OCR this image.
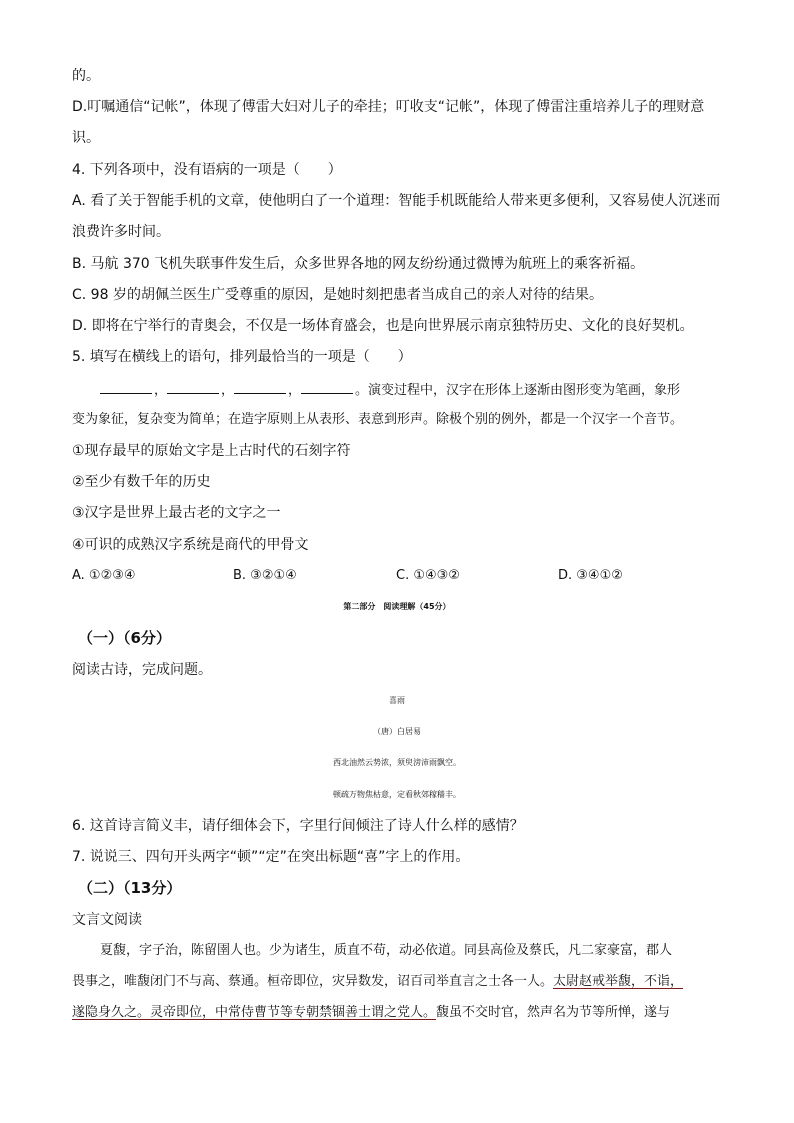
的。
D.叮嘱通信“记帐”，体现了傅雷大妇对儿子的牵挂；叮收支“记帐”，体现了傅雷注重培养儿子的理财意
识。
4. 下列各项中，没有语病的一项是（　　）
A. 看了关于智能手机的文章，使他明白了一个道理：智能手机既能给人带来更多便利，又容易使人沉迷而
浪费许多时间。
B. 马航 370 飞机失联事件发生后，众多世界各地的网友纷纷通过微博为航班上的乘客祈福。
C. 98 岁的胡佩兰医生广受尊重的原因，是她时刻把患者当成自己的亲人对待的结果。
D. 即将在宁举行的青奥会，不仅是一场体育盛会，也是向世界展示南京独特历史、文化的良好契机。
5. 填写在横线上的语句，排列最恰当的一项是（　　）
，	，	，	。演变过程中，汉字在形体上逐渐由图形变为笔画，象形
变为象征，复杂变为简单；在造字原则上从表形、表意到形声。除极个别的例外，都是一个汉字一个音节。
①现存最早的原始文字是上古时代的石刻字符
②至少有数千年的历史
③汉字是世界上最古老的文字之一
④可识的成熟汉字系统是商代的甲骨文
A. ①②③④	B. ③②①④	C. ①④③②	D. ③④①②
第二部分　阅读理解（45分）
（一）（6分）
阅读古诗，完成问题。
喜雨
（唐）白居易
西北油然云势浓，须臾滂沛雨飘空。
顿疏万物焦枯意，定看秋郊稼穑丰。
6. 这首诗言简义丰，请仔细体会下，字里行间倾注了诗人什么样的感情？
7. 说说三、四句开头两字“顿”“定”在突出标题“喜”字上的作用。
（二）（13分）
文言文阅读
夏馥，字子治，陈留圉人也。少为诸生，质直不苟，动必依道。同县高俭及蔡氏，凡二家豪富，郡人
畏事之，唯馥闭门不与高、蔡通。桓帝即位，灾异数发，诏百司举直言之士各一人。太尉赵戒举馥，不诣，
遂隐身久之。灵帝即位，中常侍曹节等专朝禁锢善士谓之党人。馥虽不交时官，然声名为节等所惮，遂与
